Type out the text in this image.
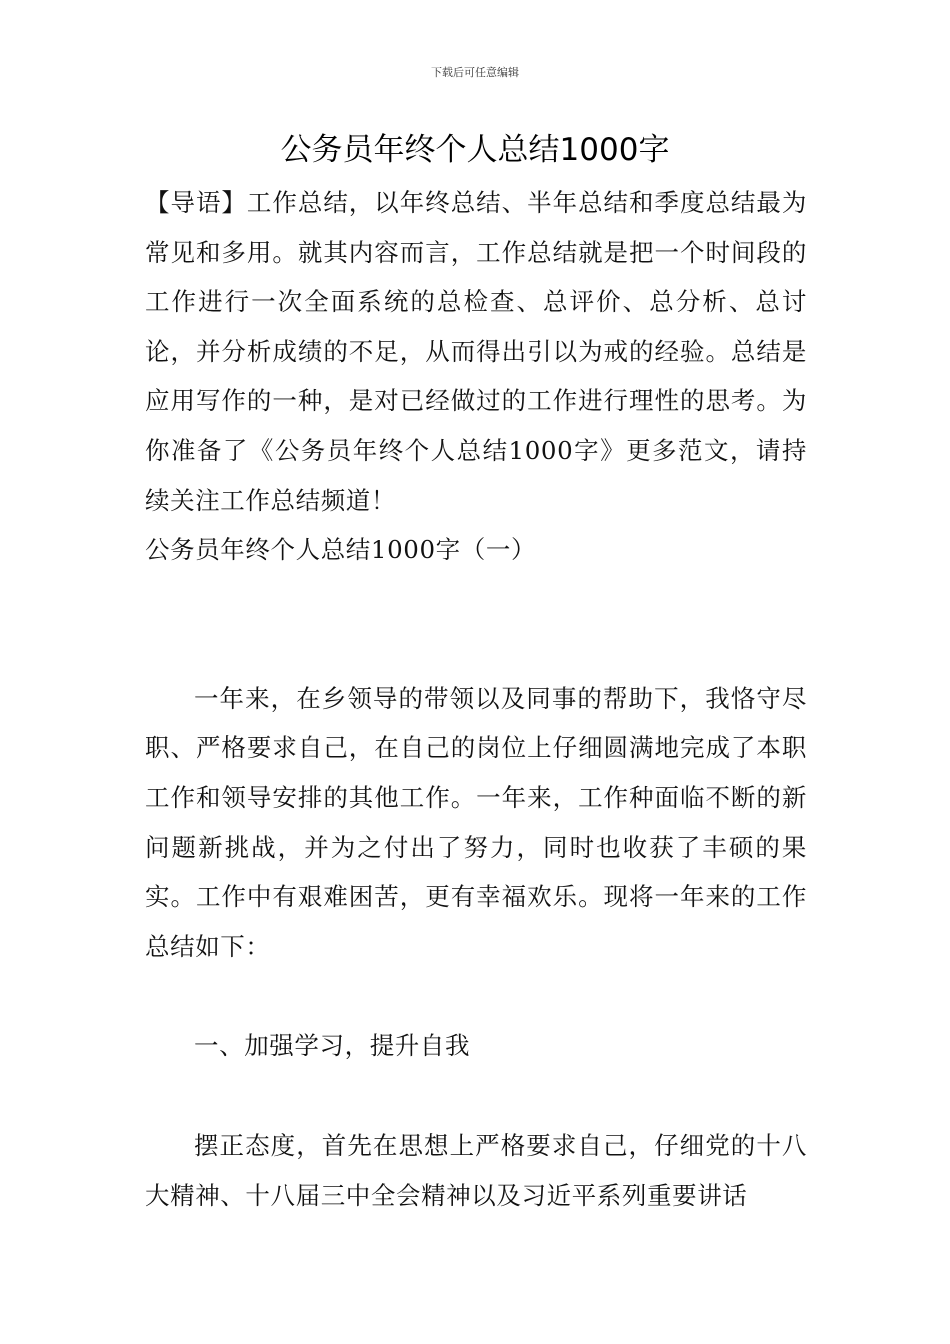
下载后可任意编辑
公务员年终个人总结1000字

【导语】工作总结，以年终总结、半年总结和季度总结最为常见和多用。就其内容而言，工作总结就是把一个时间段的工作进行一次全面系统的总检查、总评价、总分析、总讨论，并分析成绩的不足，从而得出引以为戒的经验。总结是应用写作的一种，是对已经做过的工作进行理性的思考。为你准备了《公务员年终个人总结1000字》更多范文，请持续关注工作总结频道！

公务员年终个人总结1000字（一）

一年来，在乡领导的带领以及同事的帮助下，我恪守尽职、严格要求自己，在自己的岗位上仔细圆满地完成了本职工作和领导安排的其他工作。一年来，工作种面临不断的新问题新挑战，并为之付出了努力，同时也收获了丰硕的果实。工作中有艰难困苦，更有幸福欢乐。现将一年来的工作总结如下：

一、加强学习，提升自我

摆正态度，首先在思想上严格要求自己，仔细党的十八大精神、十八届三中全会精神以及习近平系列重要讲话
